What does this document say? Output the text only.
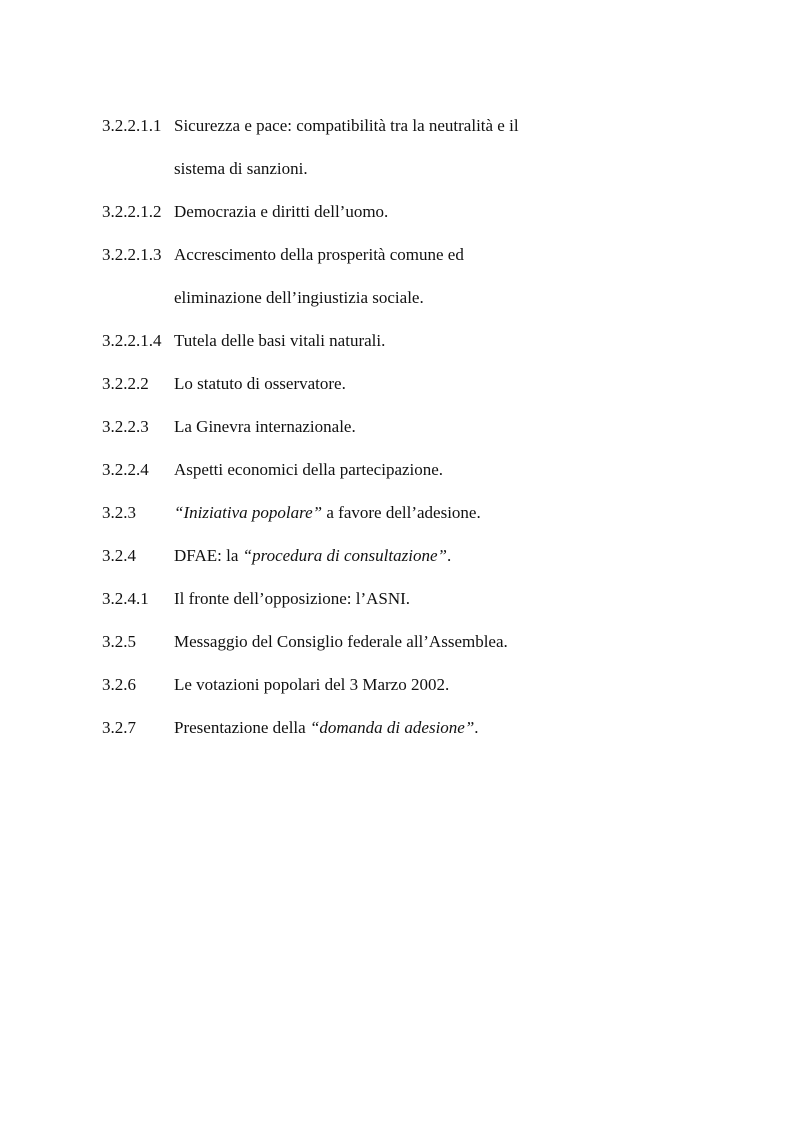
3.2.2.1.1 Sicurezza e pace: compatibilità tra la neutralità e il
sistema di sanzioni.
3.2.2.1.2 Democrazia e diritti dell’uomo.
3.2.2.1.3 Accrescimento della prosperità comune ed
eliminazione dell’ingiustizia sociale.
3.2.2.1.4 Tutela delle basi vitali naturali.
3.2.2.2	Lo statuto di osservatore.
3.2.2.3	La Ginevra internazionale.
3.2.2.4	Aspetti economici della partecipazione.
3.2.3	“Iniziativa popolare” a favore dell’adesione.
3.2.4	DFAE: la “procedura di consultazione”.
3.2.4.1	Il fronte dell’opposizione: l’ASNI.
3.2.5	Messaggio del Consiglio federale all’Assemblea.
3.2.6	Le votazioni popolari del 3 Marzo 2002.
3.2.7	Presentazione della “domanda di adesione”.
